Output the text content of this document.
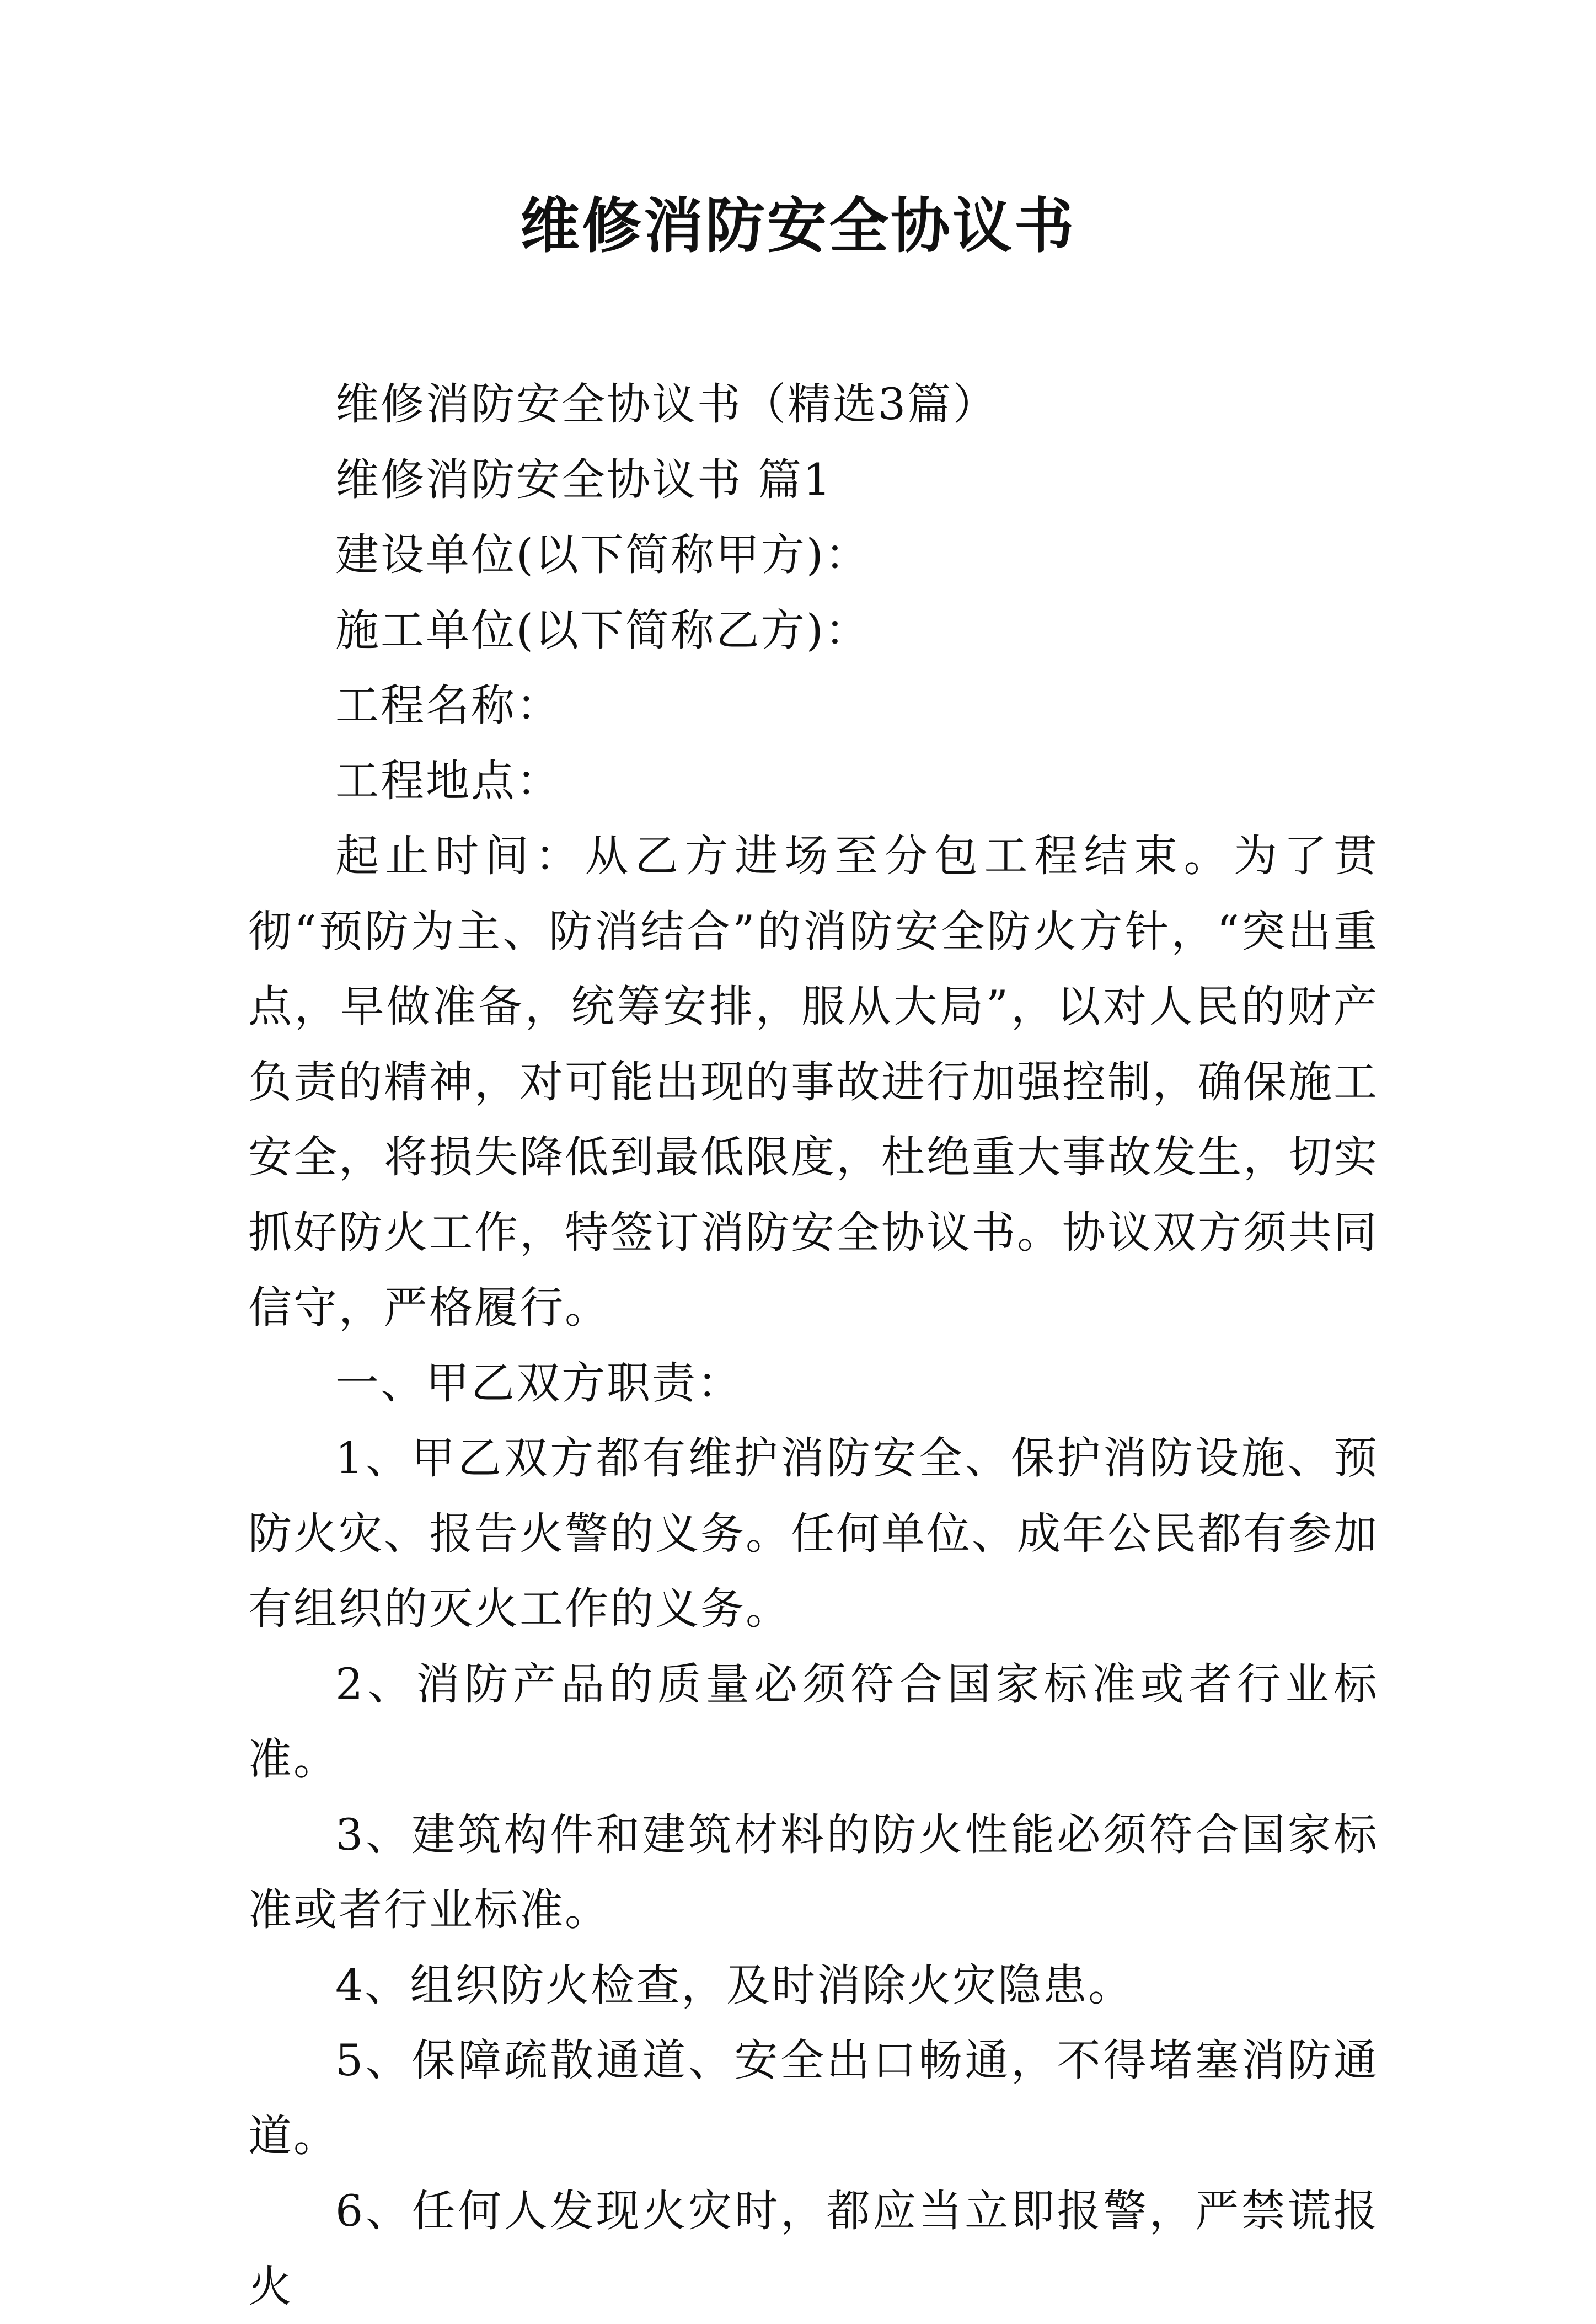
维修消防安全协议书

维修消防安全协议书（精选3篇）

维修消防安全协议书 篇1

建设单位(以下简称甲方)：

施工单位(以下简称乙方)：

工程名称：

工程地点：

起止时间：从乙方进场至分包工程结束。为了贯彻“预防为主、防消结合”的消防安全防火方针，“突出重点，早做准备，统筹安排，服从大局”，以对人民的财产负责的精神，对可能出现的事故进行加强控制，确保施工安全，将损失降低到最低限度，杜绝重大事故发生，切实抓好防火工作，特签订消防安全协议书。协议双方须共同信守，严格履行。

一、甲乙双方职责：

1、甲乙双方都有维护消防安全、保护消防设施、预防火灾、报告火警的义务。任何单位、成年公民都有参加有组织的灭火工作的义务。

2、消防产品的质量必须符合国家标准或者行业标准。

3、建筑构件和建筑材料的防火性能必须符合国家标准或者行业标准。

4、组织防火检查，及时消除火灾隐患。

5、保障疏散通道、安全出口畅通，不得堵塞消防通道。

6、任何人发现火灾时，都应当立即报警，严禁谎报火
